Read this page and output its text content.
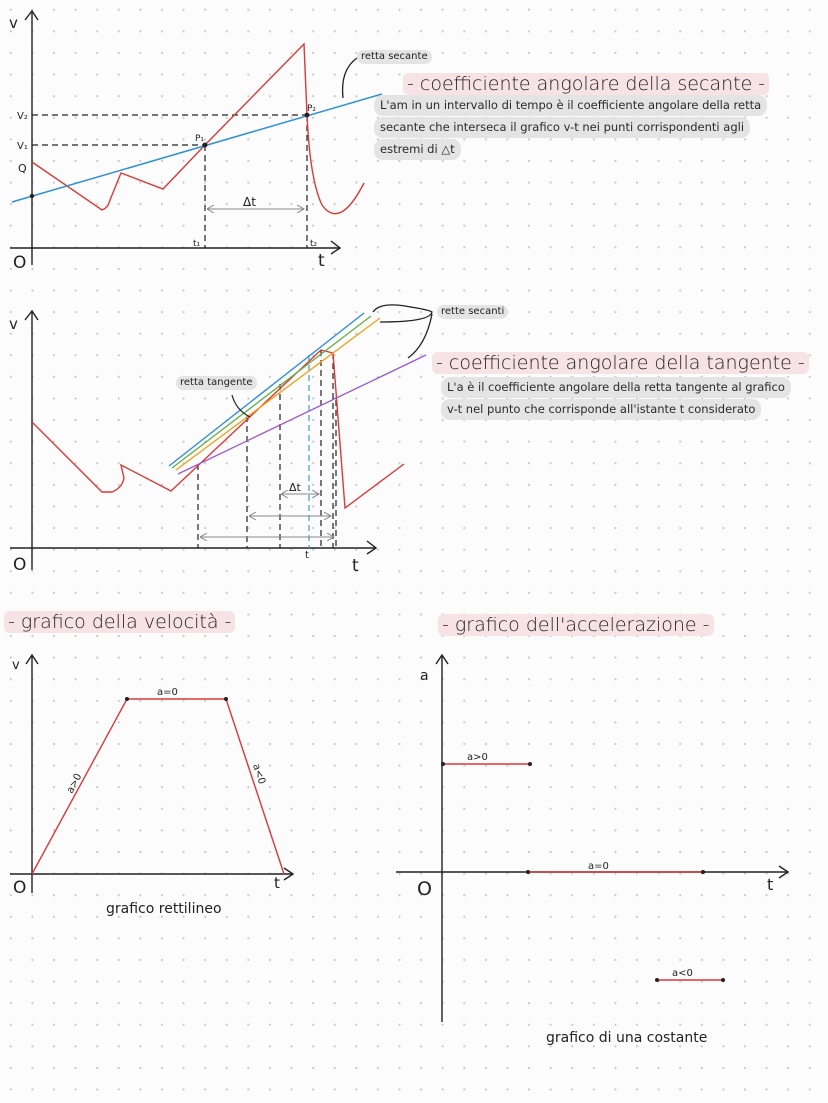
v
t
O
V₂
V₁
Q
P₁
P₂
t₁	t₂
Δt
v
t
O
Δt
t
v
t
O
a=0
a>0	a<0
a
t
O
a>0
a=0
a<0
retta secante
- coefficiente angolare della secante -
L'am in un intervallo di tempo è il coefficiente angolare della retta
secante che interseca il grafico v-t nei punti corrispondenti agli
estremi di △t
rette secanti
retta tangente
- coefficiente angolare della tangente -
L'a è il coefficiente angolare della retta tangente al grafico
v-t nel punto che corrisponde all'istante t considerato
- grafico della velocità -
grafico rettilineo
- grafico dell'accelerazione -
grafico di una costante
